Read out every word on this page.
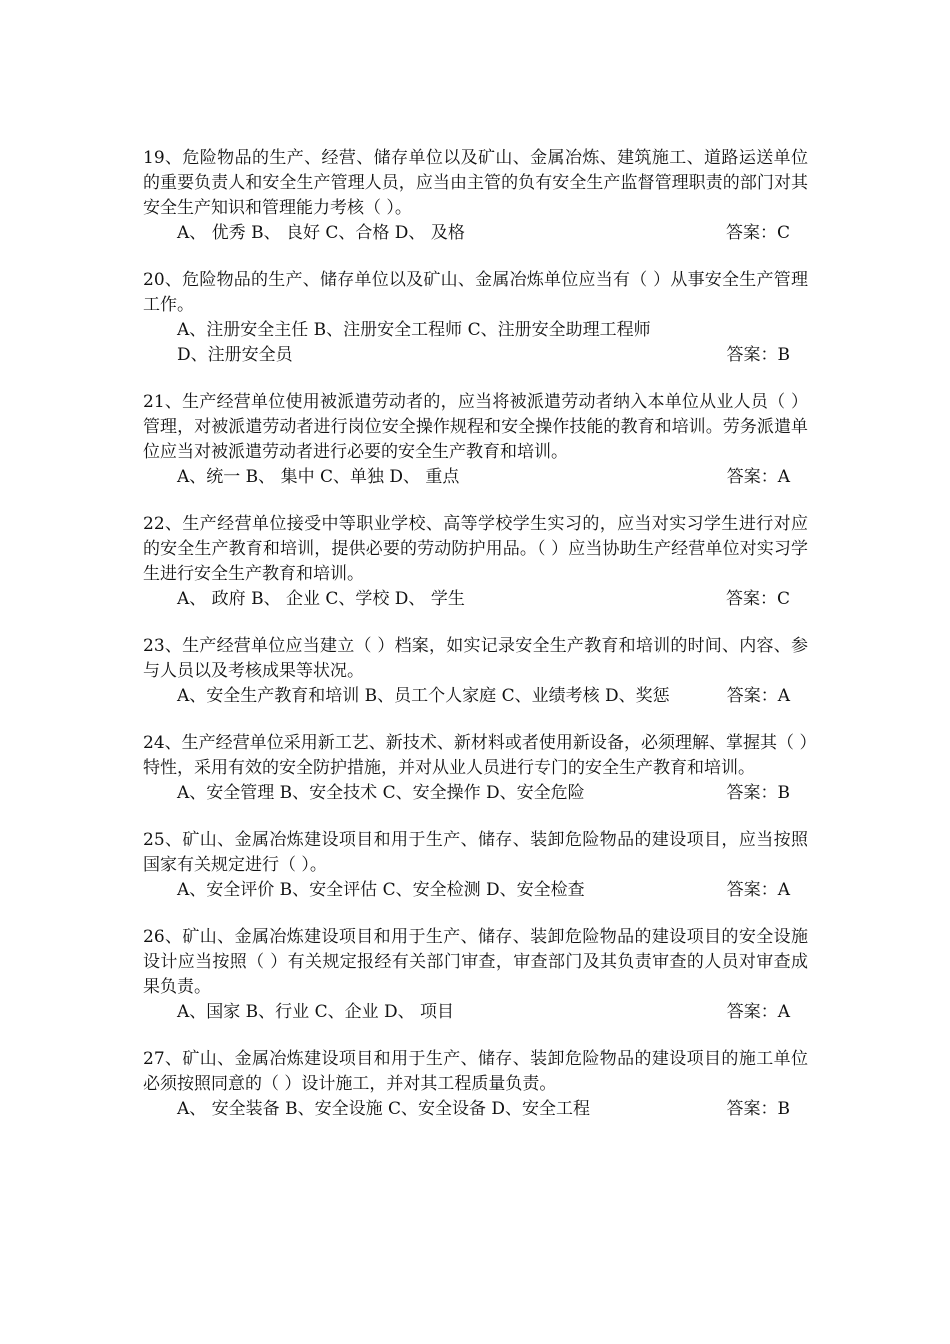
19、危险物品的生产、经营、储存单位以及矿山、金属冶炼、建筑施工、道路运送单位的重要负责人和安全生产管理人员，应当由主管的负有安全生产监督管理职责的部门对其安全生产知识和管理能力考核（ ）。
A、 优秀 B、 良好 C、合格 D、 及格	答案：C
20、危险物品的生产、储存单位以及矿山、金属冶炼单位应当有（ ）从事安全生产管理工作。
A、注册安全主任 B、注册安全工程师 C、注册安全助理工程师
D、注册安全员	答案：B
21、生产经营单位使用被派遣劳动者的，应当将被派遣劳动者纳入本单位从业人员（ ）管理，对被派遣劳动者进行岗位安全操作规程和安全操作技能的教育和培训。劳务派遣单位应当对被派遣劳动者进行必要的安全生产教育和培训。
A、统一 B、 集中 C、单独 D、 重点	答案：A
22、生产经营单位接受中等职业学校、高等学校学生实习的，应当对实习学生进行对应的安全生产教育和培训，提供必要的劳动防护用品。（ ）应当协助生产经营单位对实习学生进行安全生产教育和培训。
A、 政府 B、 企业 C、学校 D、 学生	答案：C
23、生产经营单位应当建立（ ）档案，如实记录安全生产教育和培训的时间、内容、参与人员以及考核成果等状况。
A、安全生产教育和培训 B、员工个人家庭 C、业绩考核 D、奖惩	答案：A
24、生产经营单位采用新工艺、新技术、新材料或者使用新设备，必须理解、掌握其（ ）特性，采用有效的安全防护措施，并对从业人员进行专门的安全生产教育和培训。
A、安全管理 B、安全技术 C、安全操作 D、安全危险	答案：B
25、矿山、金属冶炼建设项目和用于生产、储存、装卸危险物品的建设项目，应当按照国家有关规定进行（ ）。
A、安全评价 B、安全评估 C、安全检测 D、安全检查	答案：A
26、矿山、金属冶炼建设项目和用于生产、储存、装卸危险物品的建设项目的安全设施设计应当按照（ ）有关规定报经有关部门审查，审查部门及其负责审查的人员对审查成果负责。
A、国家 B、行业 C、企业 D、 项目	答案：A
27、矿山、金属冶炼建设项目和用于生产、储存、装卸危险物品的建设项目的施工单位必须按照同意的（ ）设计施工，并对其工程质量负责。
A、 安全装备 B、安全设施 C、安全设备 D、安全工程	答案：B
